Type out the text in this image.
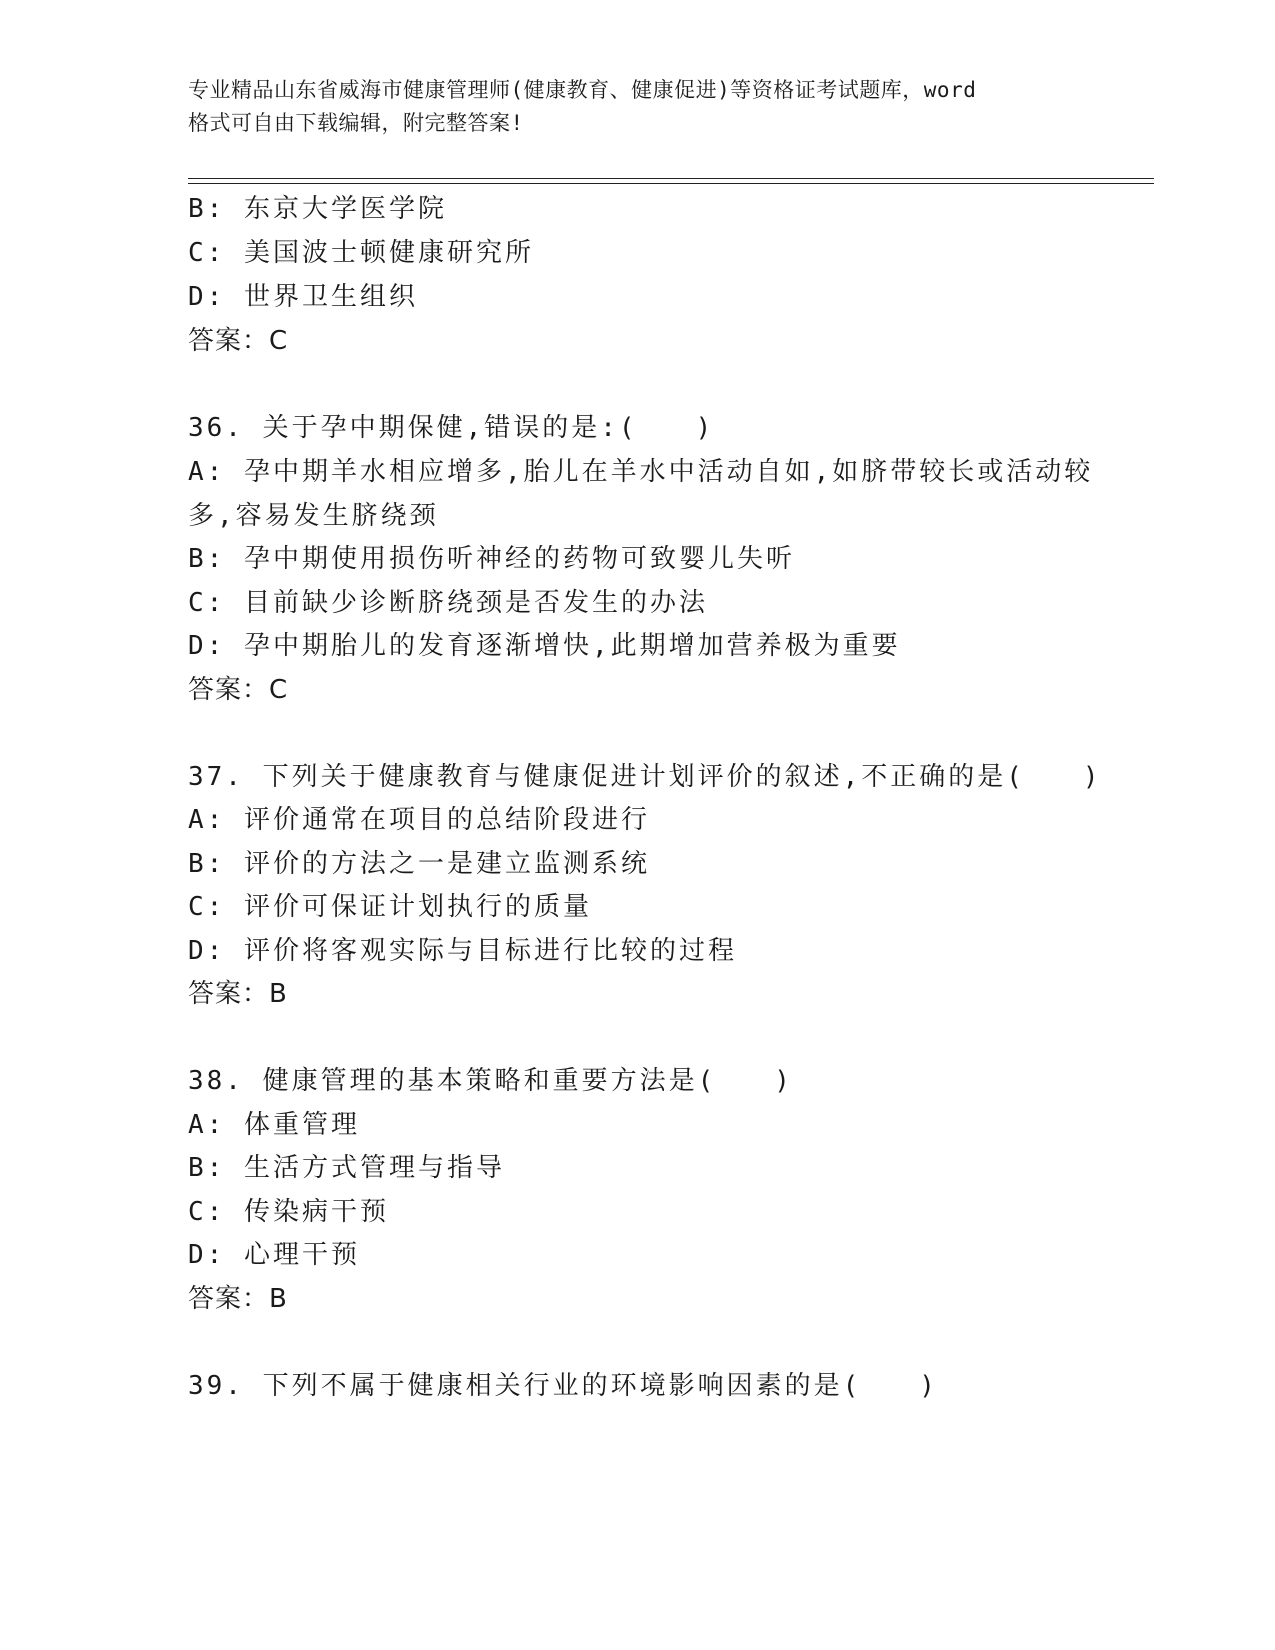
专业精品山东省威海市健康管理师(健康教育、健康促进)等资格证考试题库，word
格式可自由下载编辑，附完整答案!
B: 东京大学医学院
C: 美国波士顿健康研究所
D: 世界卫生组织
答案：C
36. 关于孕中期保健,错误的是:(　　)
A: 孕中期羊水相应增多,胎儿在羊水中活动自如,如脐带较长或活动较
多,容易发生脐绕颈
B: 孕中期使用损伤听神经的药物可致婴儿失听
C: 目前缺少诊断脐绕颈是否发生的办法
D: 孕中期胎儿的发育逐渐增快,此期增加营养极为重要
答案：C
37. 下列关于健康教育与健康促进计划评价的叙述,不正确的是(　　)
A: 评价通常在项目的总结阶段进行
B: 评价的方法之一是建立监测系统
C: 评价可保证计划执行的质量
D: 评价将客观实际与目标进行比较的过程
答案：B
38. 健康管理的基本策略和重要方法是(　　)
A: 体重管理
B: 生活方式管理与指导
C: 传染病干预
D: 心理干预
答案：B
39. 下列不属于健康相关行业的环境影响因素的是(　　)
